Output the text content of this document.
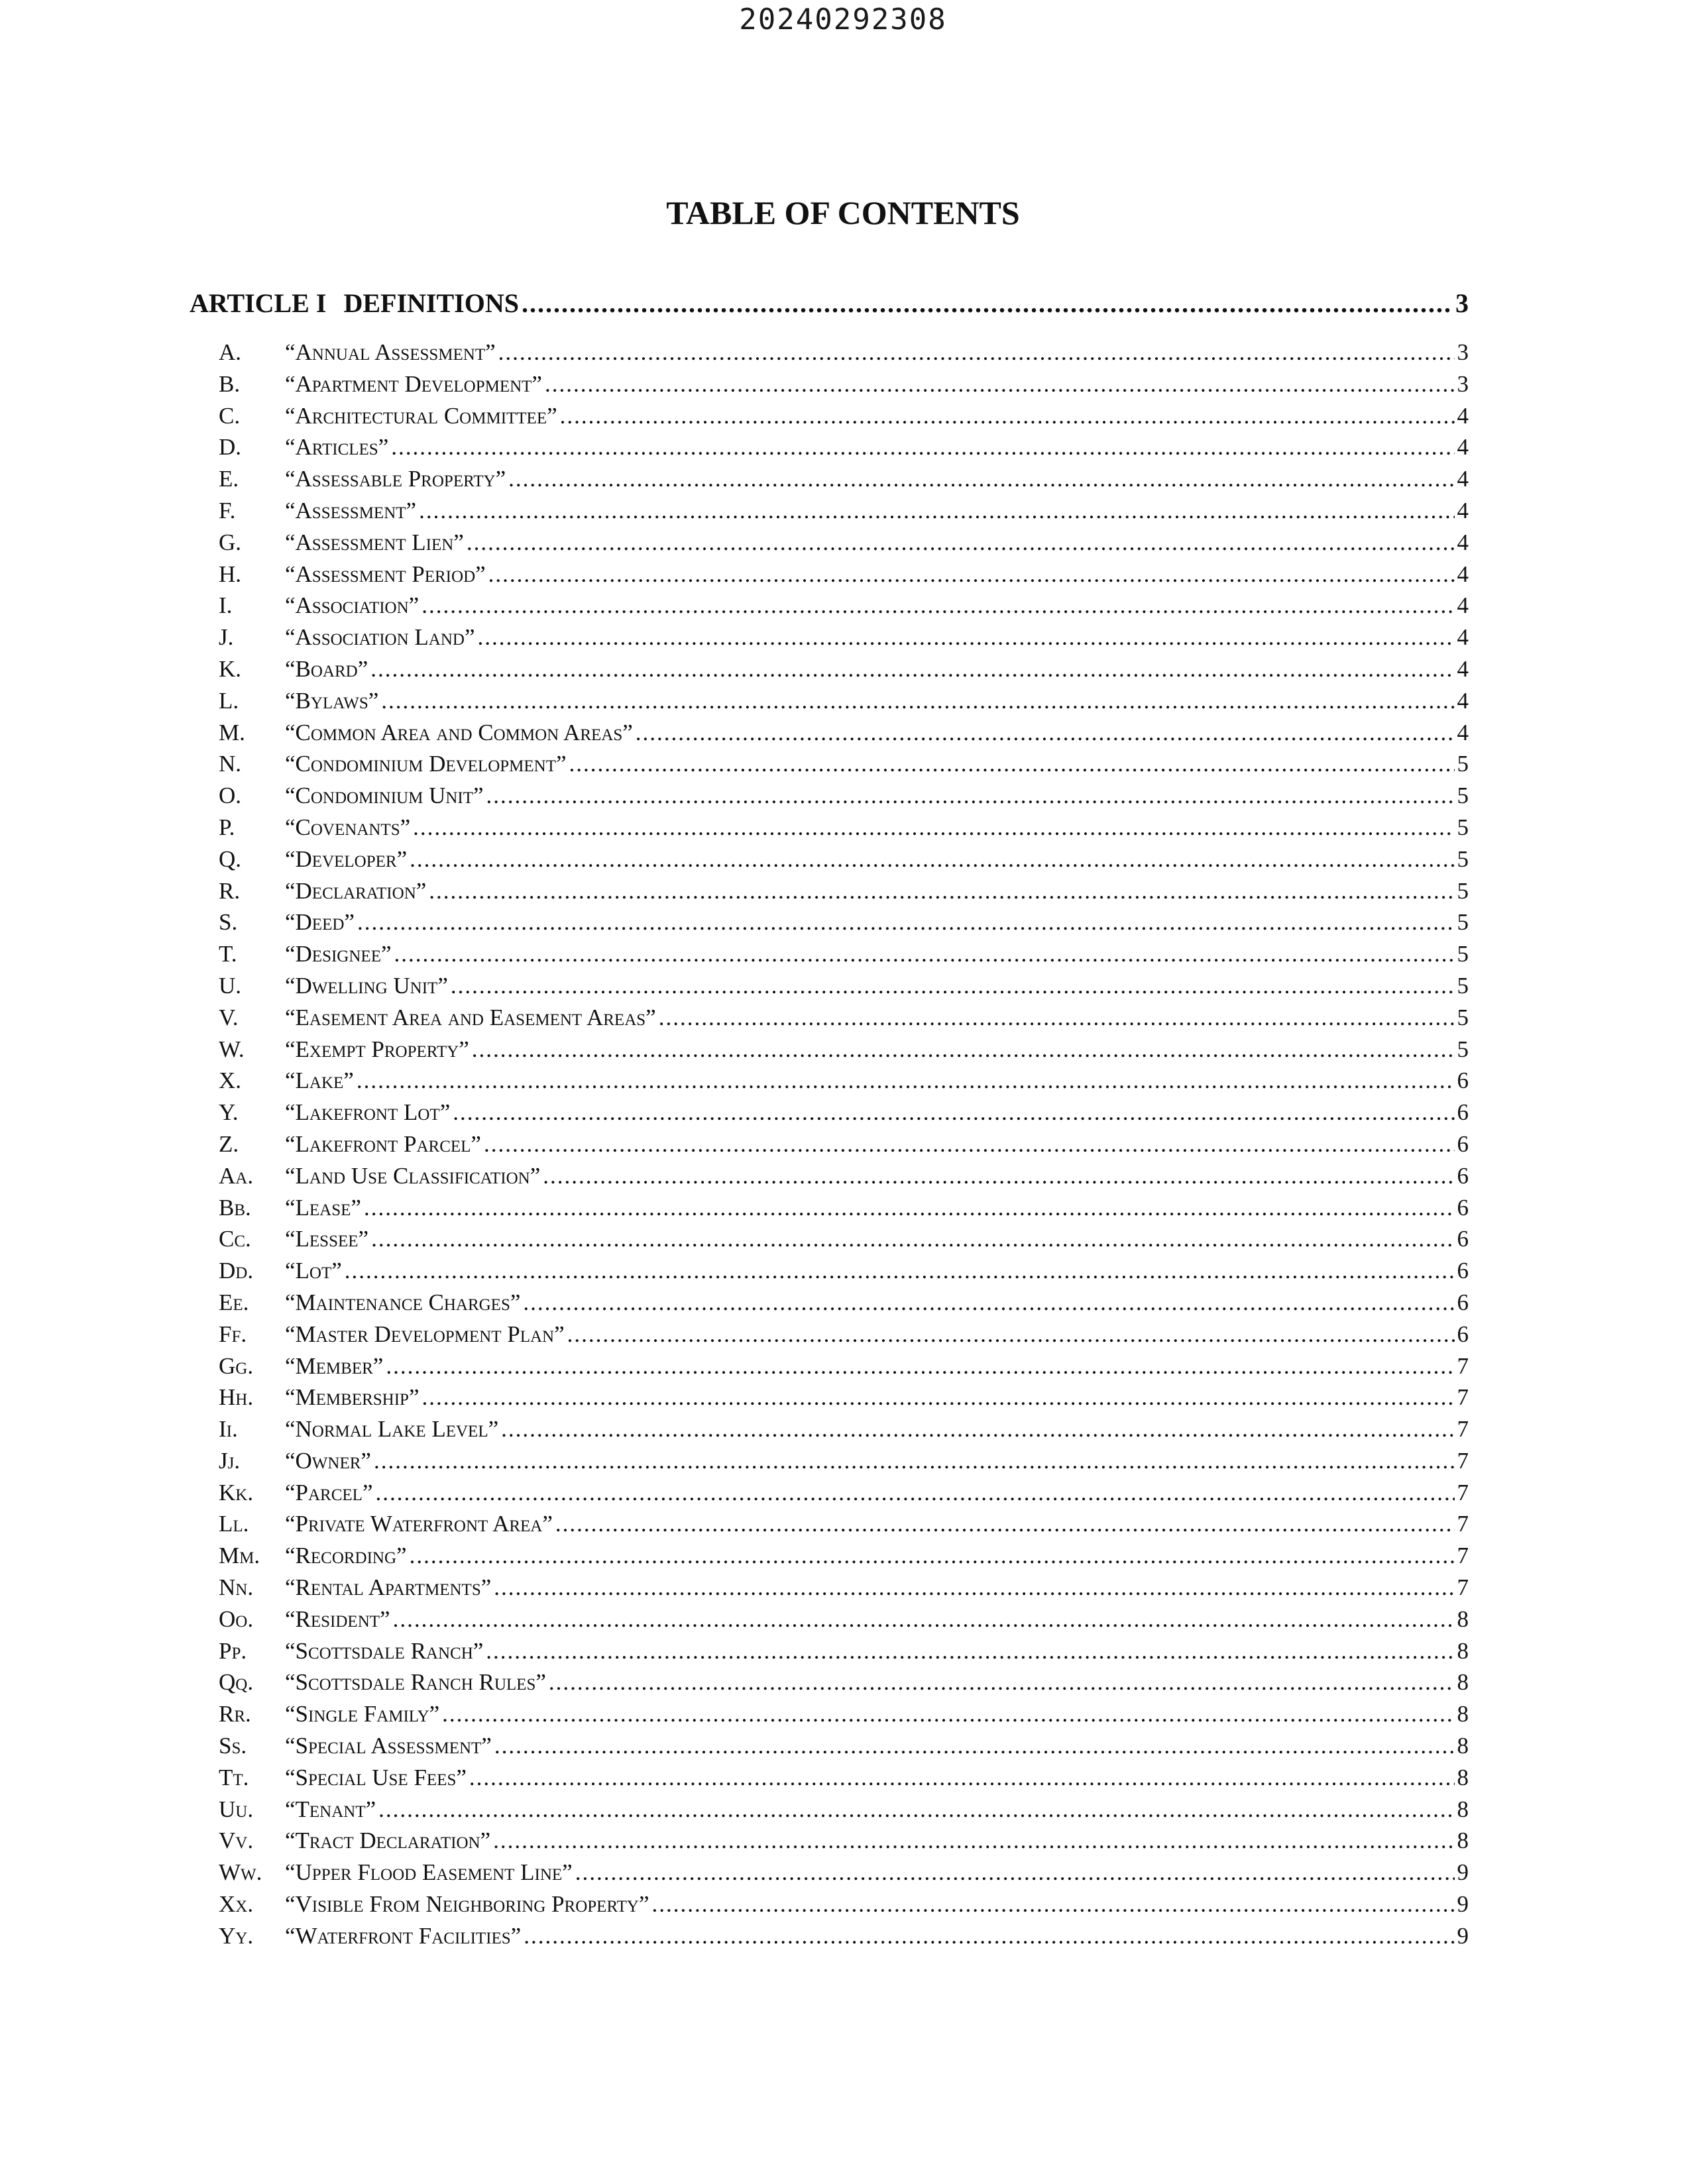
20240292308
TABLE OF CONTENTS
ARTICLE I DEFINITIONS .....	3
A.	“Annual Assessment” .....	3
B.	“Apartment Development” .....	3
C.	“Architectural Committee” .....	4
D.	“Articles” .....	4
E.	“Assessable Property” .....	4
F.	“Assessment” .....	4
G.	“Assessment Lien” .....	4
H.	“Assessment Period” .....	4
I.	“Association” .....	4
J.	“Association Land” .....	4
K.	“Board” .....	4
L.	“Bylaws” .....	4
M.	“Common Area and Common Areas” .....	4
N.	“Condominium Development” .....	5
O.	“Condominium Unit” .....	5
P.	“Covenants” .....	5
Q.	“Developer” .....	5
R.	“Declaration” .....	5
S.	“Deed” .....	5
T.	“Designee” .....	5
U.	“Dwelling Unit” .....	5
V.	“Easement Area and Easement Areas” .....	5
W.	“Exempt Property” .....	5
X.	“Lake” .....	6
Y.	“Lakefront Lot” .....	6
Z.	“Lakefront Parcel” .....	6
Aa.	“Land Use Classification” .....	6
Bb.	“Lease” .....	6
Cc.	“Lessee” .....	6
Dd.	“Lot” .....	6
Ee.	“Maintenance Charges” .....	6
Ff.	“Master Development Plan” .....	6
Gg.	“Member” .....	7
Hh.	“Membership” .....	7
Ii.	“Normal Lake Level” .....	7
Jj.	“Owner” .....	7
Kk.	“Parcel” .....	7
Ll.	“Private Waterfront Area” .....	7
Mm.	“Recording” .....	7
Nn.	“Rental Apartments” .....	7
Oo.	“Resident” .....	8
Pp.	“Scottsdale Ranch” .....	8
Qq.	“Scottsdale Ranch Rules” .....	8
Rr.	“Single Family” .....	8
Ss.	“Special Assessment” .....	8
Tt.	“Special Use Fees” .....	8
Uu.	“Tenant” .....	8
Vv.	“Tract Declaration” .....	8
Ww. “Upper Flood Easement Line” .....	9
Xx.	“Visible From Neighboring Property” .....	9
Yy.	“Waterfront Facilities” .....	9
